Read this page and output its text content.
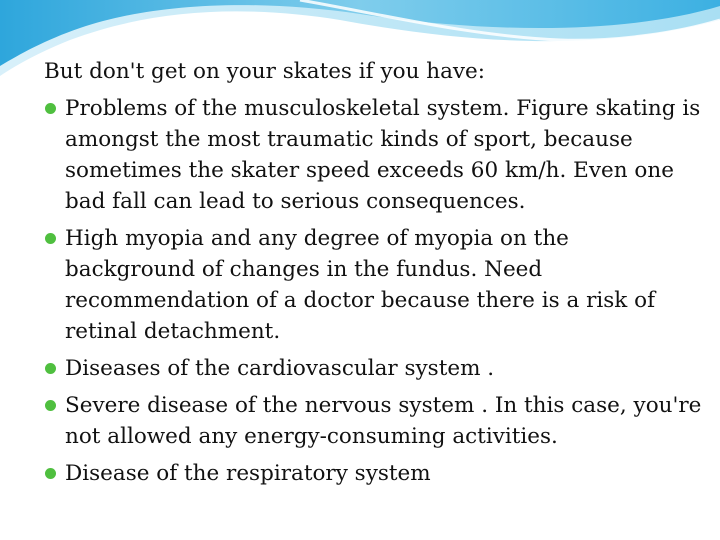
But don't get on your skates if you have:

Problems of the musculoskeletal system. Figure skating is amongst the most traumatic kinds of sport, because sometimes the skater speed exceeds 60 km/h. Even one bad fall can lead to serious consequences.
High myopia and any degree of myopia on the background of changes in the fundus. Need recommendation of a doctor because there is a risk of retinal detachment.
Diseases of the cardiovascular system .
Severe disease of the nervous system . In this case, you're not allowed any energy-consuming activities.
Disease of the respiratory system
